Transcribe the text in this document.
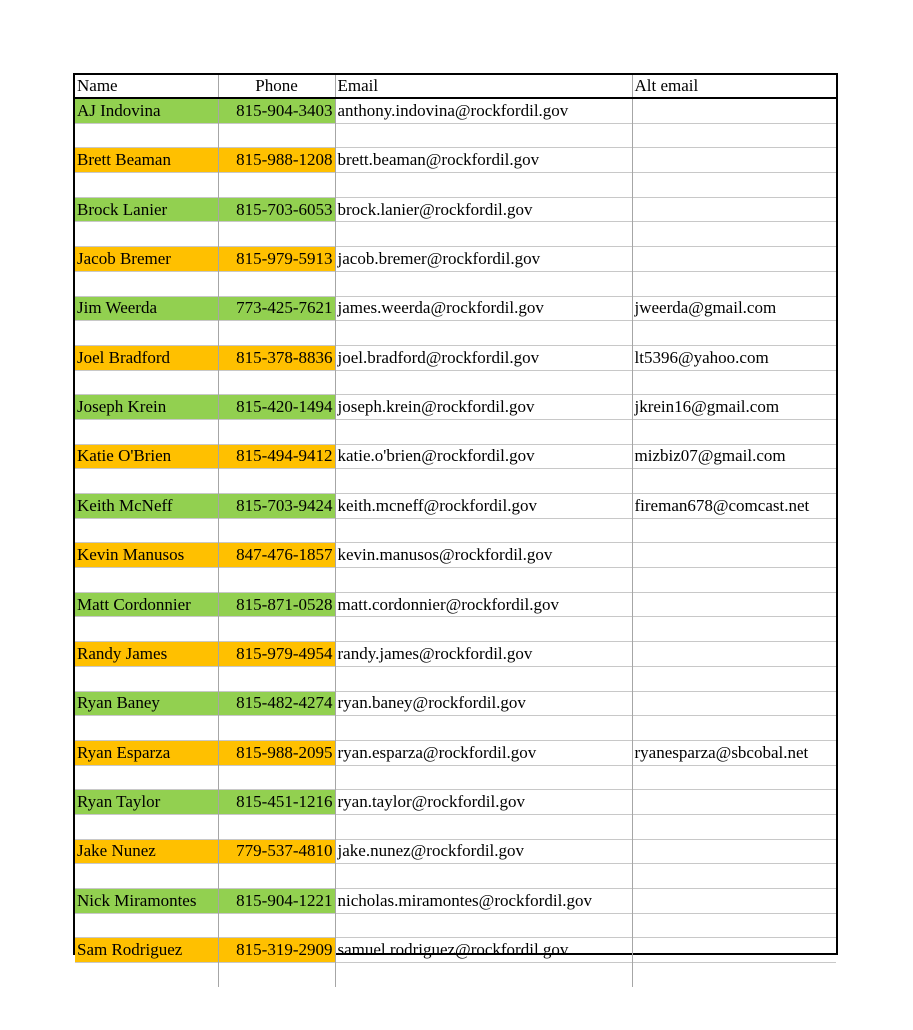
Name	Phone	Email	Alt email
AJ Indovina	815-904-3403	anthony.indovina@rockfordil.gov	

Brett Beaman	815-988-1208	brett.beaman@rockfordil.gov	

Brock Lanier	815-703-6053	brock.lanier@rockfordil.gov	

Jacob Bremer	815-979-5913	jacob.bremer@rockfordil.gov	

Jim Weerda	773-425-7621	james.weerda@rockfordil.gov	jweerda@gmail.com

Joel Bradford	815-378-8836	joel.bradford@rockfordil.gov	lt5396@yahoo.com

Joseph Krein	815-420-1494	joseph.krein@rockfordil.gov	jkrein16@gmail.com

Katie O'Brien	815-494-9412	katie.o'brien@rockfordil.gov	mizbiz07@gmail.com

Keith McNeff	815-703-9424	keith.mcneff@rockfordil.gov	fireman678@comcast.net

Kevin Manusos	847-476-1857	kevin.manusos@rockfordil.gov	

Matt Cordonnier	815-871-0528	matt.cordonnier@rockfordil.gov	

Randy James	815-979-4954	randy.james@rockfordil.gov	

Ryan Baney	815-482-4274	ryan.baney@rockfordil.gov	

Ryan Esparza	815-988-2095	ryan.esparza@rockfordil.gov	ryanesparza@sbcobal.net

Ryan Taylor	815-451-1216	ryan.taylor@rockfordil.gov	

Jake Nunez	779-537-4810	jake.nunez@rockfordil.gov	

Nick Miramontes	815-904-1221	nicholas.miramontes@rockfordil.gov	

Sam Rodriguez	815-319-2909	samuel.rodriguez@rockfordil.gov	
